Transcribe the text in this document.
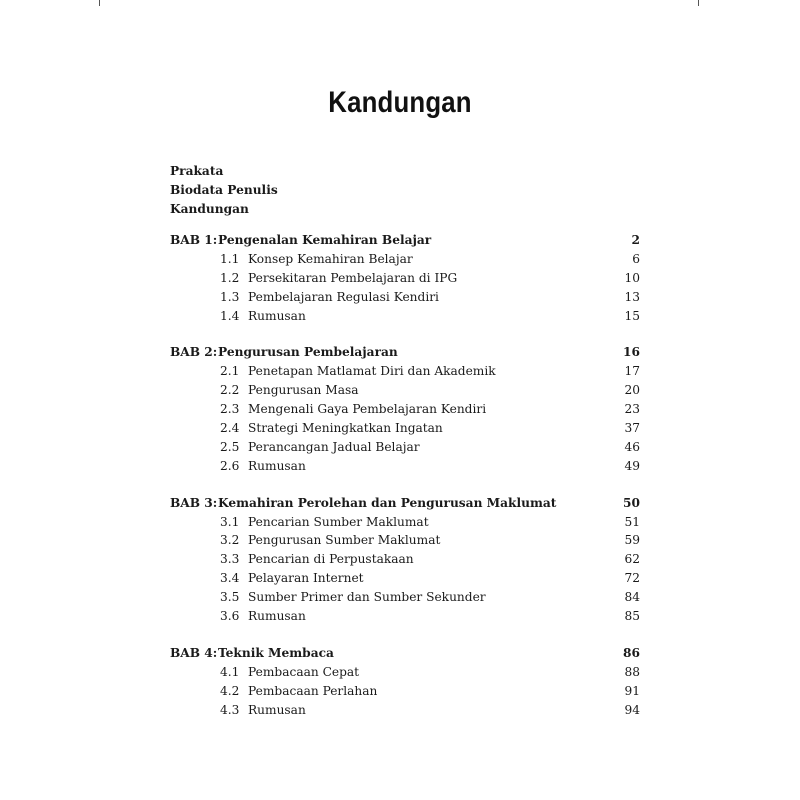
Kandungan
Prakata
Biodata Penulis
Kandungan
BAB 1: Pengenalan Kemahiran Belajar	2
1.1 Konsep Kemahiran Belajar	6
1.2 Persekitaran Pembelajaran di IPG	10
1.3 Pembelajaran Regulasi Kendiri	13
1.4 Rumusan	15
BAB 2: Pengurusan Pembelajaran	16
2.1 Penetapan Matlamat Diri dan Akademik	17
2.2 Pengurusan Masa	20
2.3 Mengenali Gaya Pembelajaran Kendiri	23
2.4 Strategi Meningkatkan Ingatan	37
2.5 Perancangan Jadual Belajar	46
2.6 Rumusan	49
BAB 3: Kemahiran Perolehan dan Pengurusan Maklumat	50
3.1 Pencarian Sumber Maklumat	51
3.2 Pengurusan Sumber Maklumat	59
3.3 Pencarian di Perpustakaan	62
3.4 Pelayaran Internet	72
3.5 Sumber Primer dan Sumber Sekunder	84
3.6 Rumusan	85
BAB 4: Teknik Membaca	86
4.1 Pembacaan Cepat	88
4.2 Pembacaan Perlahan	91
4.3 Rumusan	94
